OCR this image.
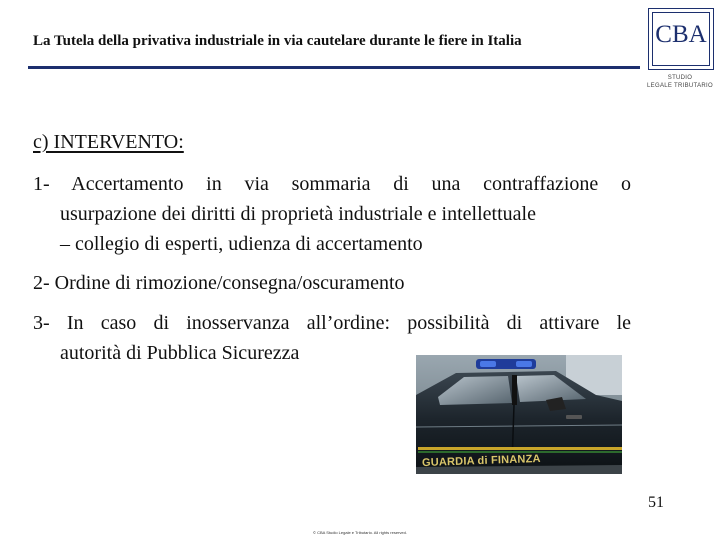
La Tutela della privativa industriale in via cautelare durante le fiere in Italia	CBA
STUDIO
LEGALE TRIBUTARIO
c) INTERVENTO:
1- Accertamento in via sommaria di una contraffazione o
usurpazione dei diritti di proprietà industriale e intellettuale
– collegio di esperti, udienza di accertamento
2- Ordine di rimozione/consegna/oscuramento
3- In caso di inosservanza all’ordine: possibilità di attivare le
autorità di Pubblica Sicurezza
GUARDIA di FINANZA
51
© CBA Studio Legale e Tributario. All rights reserved.
